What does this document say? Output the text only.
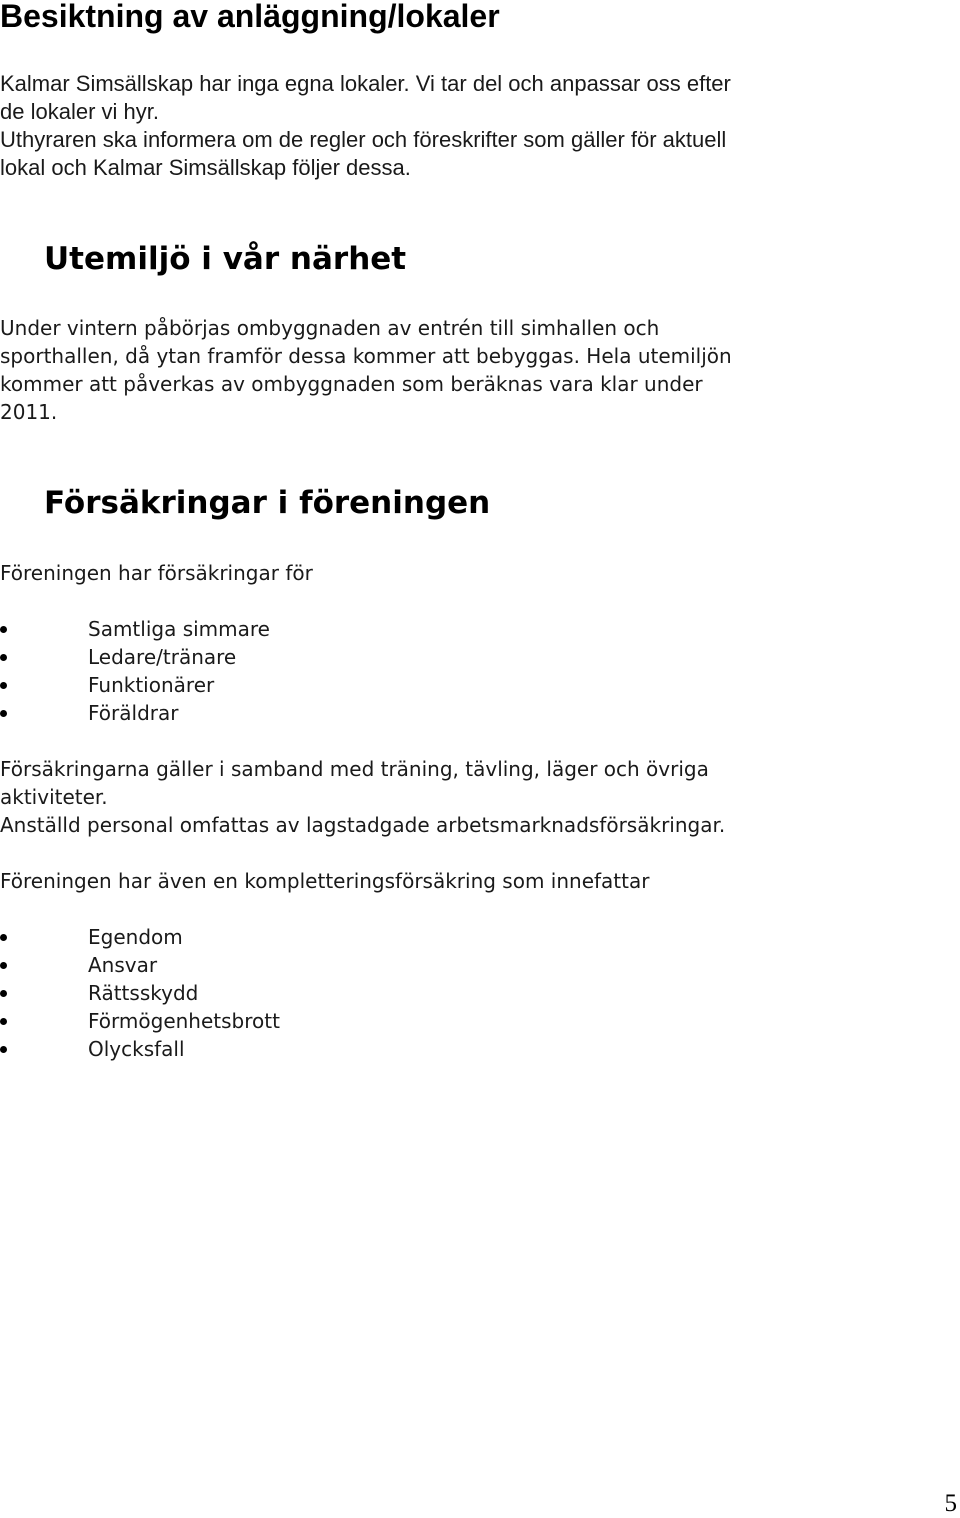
Besiktning av anläggning/lokaler
Kalmar Simsällskap har inga egna lokaler. Vi tar del och anpassar oss efter
de lokaler vi hyr.
Uthyraren ska informera om de regler och föreskrifter som gäller för aktuell
lokal och Kalmar Simsällskap följer dessa.
Utemiljö i vår närhet
Under vintern påbörjas ombyggnaden av entrén till simhallen och
sporthallen, då ytan framför dessa kommer att bebyggas. Hela utemiljön
kommer att påverkas av ombyggnaden som beräknas vara klar under
2011.
Försäkringar i föreningen
Föreningen har försäkringar för
Samtliga simmare
Ledare/tränare
Funktionärer
Föräldrar
Försäkringarna gäller i samband med träning, tävling, läger och övriga
aktiviteter.
Anställd personal omfattas av lagstadgade arbetsmarknadsförsäkringar.
Föreningen har även en kompletteringsförsäkring som innefattar
Egendom
Ansvar
Rättsskydd
Förmögenhetsbrott
Olycksfall
5
